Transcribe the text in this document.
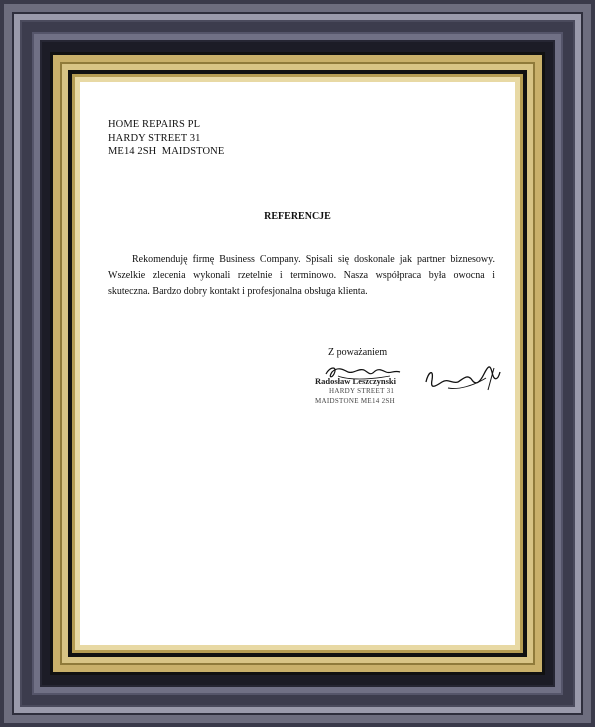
HOME REPAIRS PL
HARDY STREET 31
ME14 2SH  MAIDSTONE
REFERENCJE
Rekomenduję firmę Business Company. Spisali się doskonale jak partner biznesowy.
Wszelkie zlecenia wykonali rzetelnie i terminowo. Nasza współpraca była owocna i
skuteczna. Bardzo dobry kontakt i profesjonalna obsługa klienta.
Z poważaniem
Radosław Leszczynski
HARDY STREET 31
MAIDSTONE ME14 2SH
